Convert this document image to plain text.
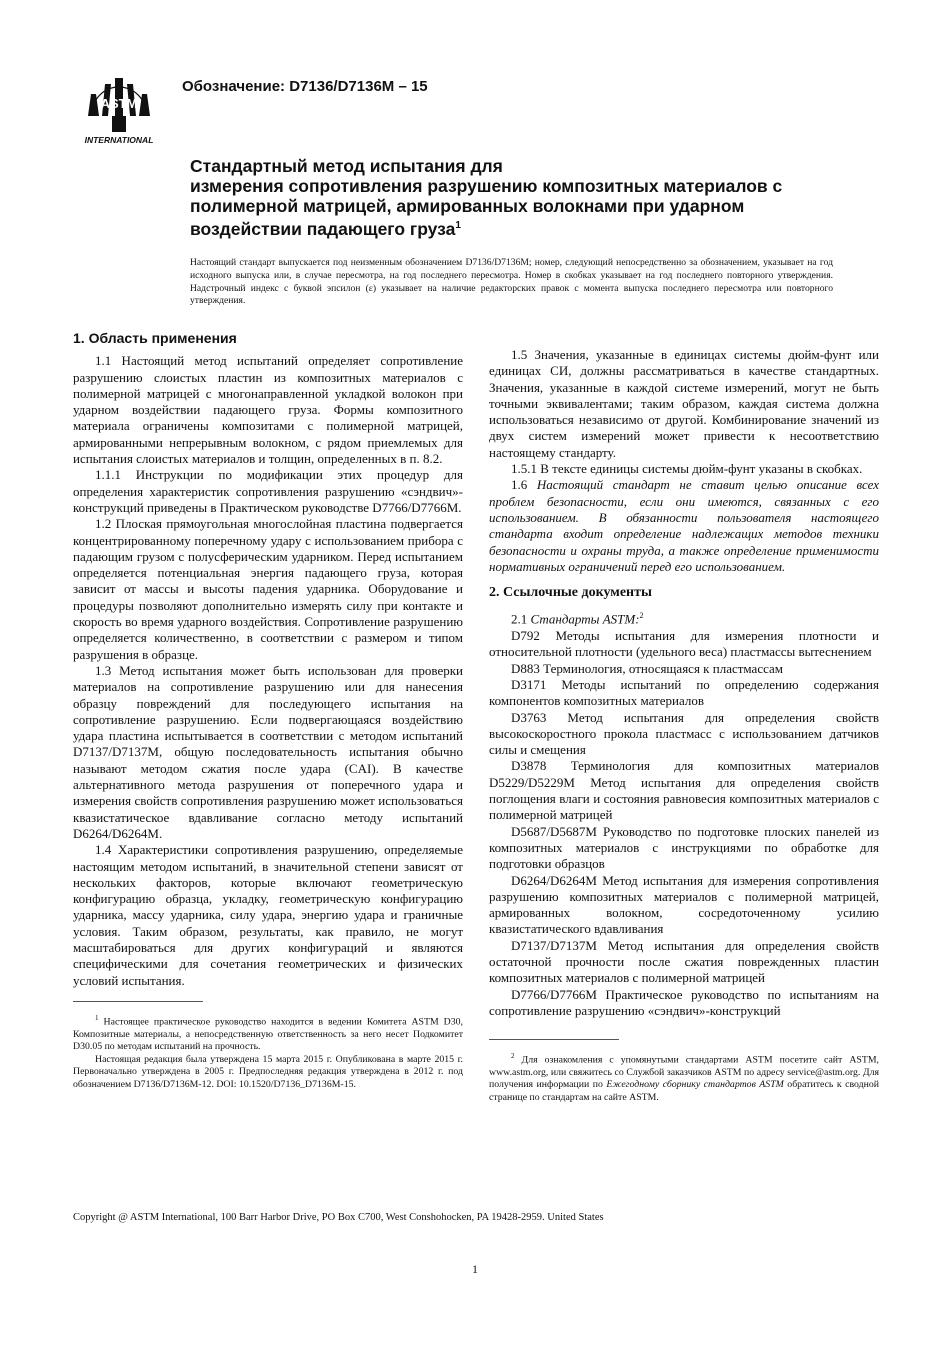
ASTM
INTERNATIONAL
Обозначение: D7136/D7136M – 15
Стандартный метод испытания для
измерения сопротивления разрушению композитных материалов с
полимерной матрицей, армированных волокнами при ударном
воздействии падающего груза$^1$
Настоящий стандарт выпускается под неизменным обозначением D7136/D7136M; номер, следующий непосредственно за обозначением, указывает на год исходного выпуска или, в случае пересмотра, на год последнего пересмотра. Номер в скобках указывает на год последнего повторного утверждения. Надстрочный индекс с буквой эпсилон (ε) указывает на наличие редакторских правок с момента выпуска последнего пересмотра или повторного утверждения.
1. Область применения

1.1 Настоящий метод испытаний определяет сопротивление разрушению слоистых пластин из композитных материалов с полимерной матрицей с многонаправленной укладкой волокон при ударном воздействии падающего груза. Формы композитного материала ограничены композитами с полимерной матрицей, армированными непрерывным волокном, с рядом приемлемых для испытания слоистых материалов и толщин, определенных в п. 8.2.

1.1.1 Инструкции по модификации этих процедур для определения характеристик сопротивления разрушению «сэндвич»-конструкций приведены в Практическом руководстве D7766/D7766M.

1.2 Плоская прямоугольная многослойная пластина подвергается концентрированному поперечному удару с использованием прибора с падающим грузом с полусферическим ударником. Перед испытанием определяется потенциальная энергия падающего груза, которая зависит от массы и высоты падения ударника. Оборудование и процедуры позволяют дополнительно измерять силу при контакте и скорость во время ударного воздействия. Сопротивление разрушению определяется количественно, в соответствии с размером и типом разрушения в образце.

1.3 Метод испытания может быть использован для проверки материалов на сопротивление разрушению или для нанесения образцу повреждений для последующего испытания на сопротивление разрушению. Если подвергающаяся воздействию удара пластина испытывается в соответствии с методом испытаний D7137/D7137M, общую последовательность испытания обычно называют методом сжатия после удара (CAI). В качестве альтернативного метода разрушения от поперечного удара и измерения свойств сопротивления разрушению может использоваться квазистатическое вдавливание согласно методу испытаний D6264/D6264M.

1.4 Характеристики сопротивления разрушению, определяемые настоящим методом испытаний, в значительной степени зависят от нескольких факторов, которые включают геометрическую конфигурацию образца, укладку, геометрическую конфигурацию ударника, массу ударника, силу удара, энергию удара и граничные условия. Таким образом, результаты, как правило, не могут масштабироваться для других конфигураций и являются специфическими для сочетания геометрических и физических условий испытания.

$^1$ Настоящее практическое руководство находится в ведении Комитета ASTM D30, Композитные материалы, а непосредственную ответственность за него несет Подкомитет D30.05 по методам испытаний на прочность.

Настоящая редакция была утверждена 15 марта 2015 г. Опубликована в марте 2015 г. Первоначально утверждена в 2005 г. Предпоследняя редакция утверждена в 2012 г. под обозначением D7136/D7136M-12. DOI: 10.1520/D7136_D7136M-15.

1.5 Значения, указанные в единицах системы дюйм-фунт или единицах СИ, должны рассматриваться в качестве стандартных. Значения, указанные в каждой системе измерений, могут не быть точными эквивалентами; таким образом, каждая система должна использоваться независимо от другой. Комбинирование значений из двух систем измерений может привести к несоответствию настоящему стандарту.

1.5.1 В тексте единицы системы дюйм-фунт указаны в скобках.

1.6 Настоящий стандарт не ставит целью описание всех проблем безопасности, если они имеются, связанных с его использованием. В обязанности пользователя настоящего стандарта входит определение надлежащих методов техники безопасности и охраны труда, а также определение применимости нормативных ограничений перед его использованием.

2. Ссылочные документы

2.1 Стандарты ASTM:$^2$

D792 Методы испытания для измерения плотности и относительной плотности (удельного веса) пластмассы вытеснением

D883 Терминология, относящаяся к пластмассам

D3171 Методы испытаний по определению содержания компонентов композитных материалов

D3763 Метод испытания для определения свойств высокоскоростного прокола пластмасс с использованием датчиков силы и смещения

D3878 Терминология для композитных материалов D5229/D5229M Метод испытания для определения свойств поглощения влаги и состояния равновесия композитных материалов с полимерной матрицей

D5687/D5687M Руководство по подготовке плоских панелей из композитных материалов с инструкциями по обработке для подготовки образцов

D6264/D6264M Метод испытания для измерения сопротивления разрушению композитных материалов с полимерной матрицей, армированных волокном, сосредоточенному усилию квазистатического вдавливания

D7137/D7137M Метод испытания для определения свойств остаточной прочности после сжатия поврежденных пластин композитных материалов с полимерной матрицей

D7766/D7766M Практическое руководство по испытаниям на сопротивление разрушению «сэндвич»-конструкций

$^2$ Для ознакомления с упомянутыми стандартами ASTM посетите сайт ASTM, www.astm.org, или свяжитесь со Службой заказчиков ASTM по адресу service@astm.org. Для получения информации по Ежегодному сборнику стандартов ASTM обратитесь к сводной странице по стандартам на сайте ASTM.

Copyright @ ASTM International, 100 Barr Harbor Drive, PO Box C700, West Conshohocken, PA 19428-2959. United States
1
